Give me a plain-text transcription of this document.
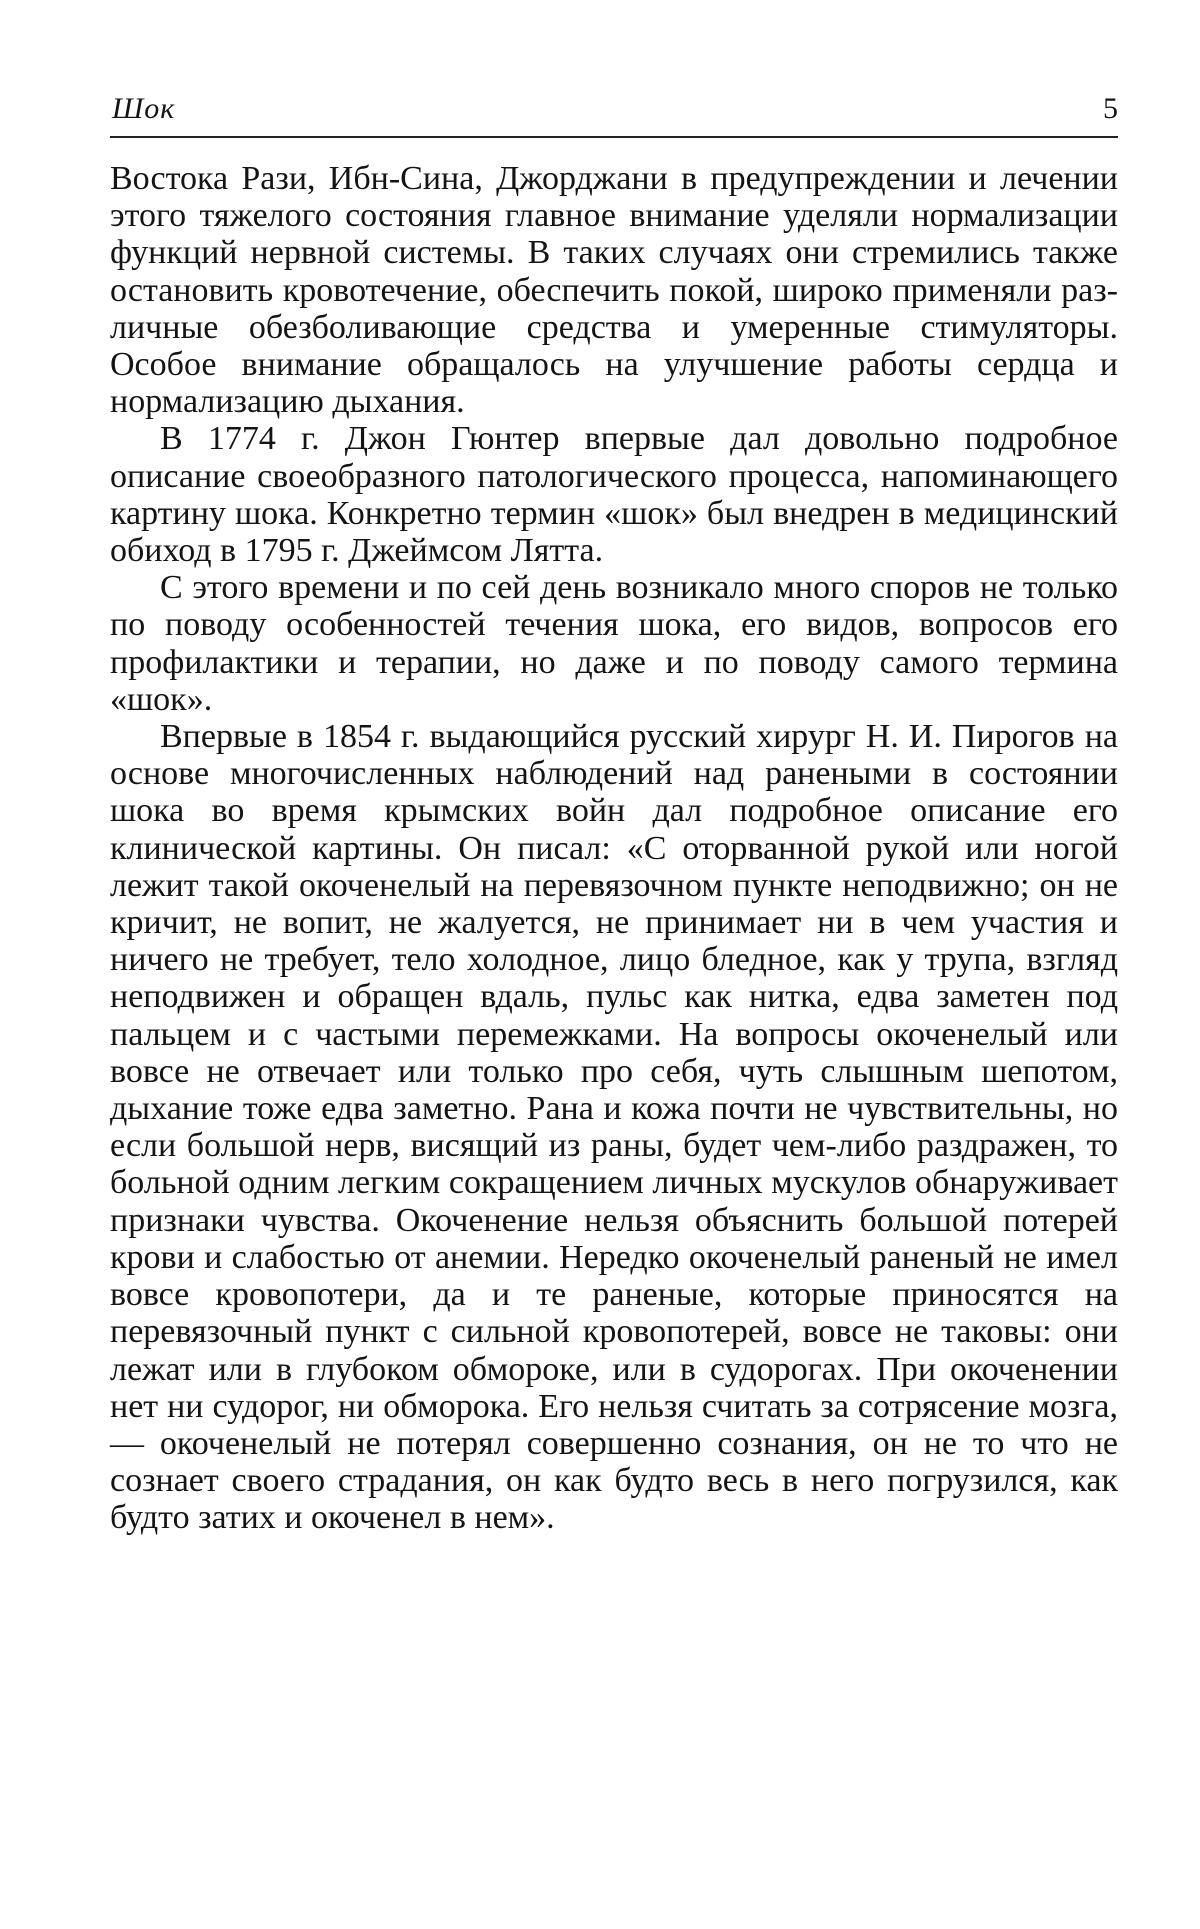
Шок	5

Востока Рази, Ибн-Сина, Джорджани в предупреждении и лечении этого тяжелого состояния главное внимание уделяли нормализации функций нервной системы. В таких случаях они стремились также остановить кровотечение, обеспечить покой, широко применяли различные обезболивающие средства и умеренные стимуляторы. Особое внимание обращалось на улучшение работы сердца и нормализацию дыхания.

В 1774 г. Джон Гюнтер впервые дал довольно подробное описание своеобразного патологического процесса, напоминающего картину шока. Конкретно термин «шок» был внедрен в медицинский обиход в 1795 г. Джеймсом Лятта.

С этого времени и по сей день возникало много споров не только по поводу особенностей течения шока, его видов, вопросов его профилактики и терапии, но даже и по поводу самого термина «шок».

Впервые в 1854 г. выдающийся русский хирург Н. И. Пирогов на основе многочисленных наблюдений над ранеными в состоянии шока во время крымских войн дал подробное описание его клинической картины. Он писал: «С оторванной рукой или ногой лежит такой окоченелый на перевязочном пункте неподвижно; он не кричит, не вопит, не жалуется, не принимает ни в чем участия и ничего не требует, тело холодное, лицо бледное, как у трупа, взгляд неподвижен и обращен вдаль, пульс как нитка, едва заметен под пальцем и с частыми перемежками. На вопросы окоченелый или вовсе не отвечает или только про себя, чуть слышным шепотом, дыхание тоже едва заметно. Рана и кожа почти не чувствительны, но если большой нерв, висящий из раны, будет чем-либо раздражен, то больной одним легким сокращением личных мускулов обнаруживает признаки чувства. Окоченение нельзя объяснить большой потерей крови и слабостью от анемии. Нередко окоченелый раненый не имел вовсе кровопотери, да и те раненые, которые приносятся на перевязочный пункт с сильной кровопотерей, вовсе не таковы: они лежат или в глубоком обмороке, или в судорогах. При окоченении нет ни судорог, ни обморока. Его нельзя считать за сотрясение мозга, — окоченелый не потерял совершенно сознания, он не то что не сознает своего страдания, он как будто весь в него погрузился, как будто затих и окоченел в нем».
